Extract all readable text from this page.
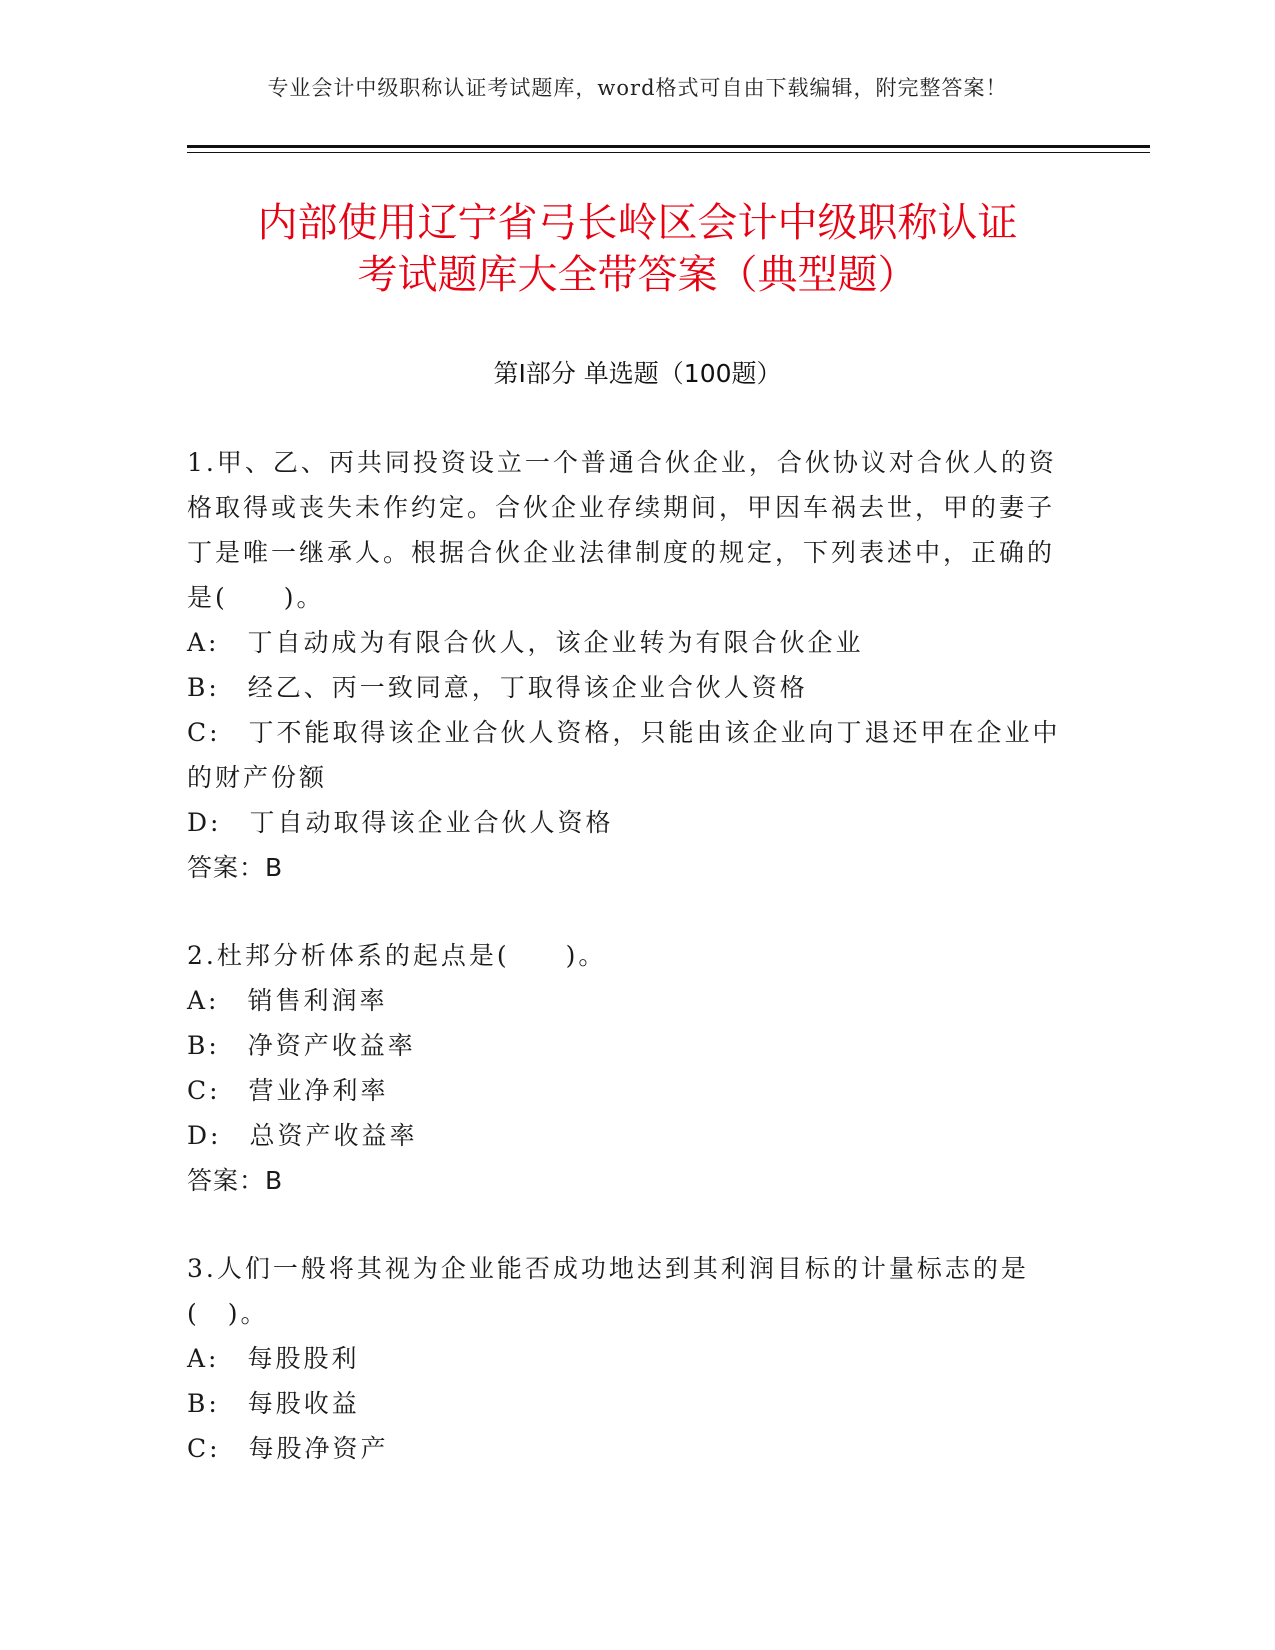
专业会计中级职称认证考试题库，word格式可自由下载编辑，附完整答案！
内部使用辽宁省弓长岭区会计中级职称认证
考试题库大全带答案（典型题）
第Ⅰ部分 单选题（100题）

1.甲、乙、丙共同投资设立一个普通合伙企业，合伙协议对合伙人的资格取得或丧失未作约定。合伙企业存续期间，甲因车祸去世，甲的妻子丁是唯一继承人。根据合伙企业法律制度的规定，下列表述中，正确的是(　　)。

A:　丁自动成为有限合伙人，该企业转为有限合伙企业

B:　经乙、丙一致同意，丁取得该企业合伙人资格

C:　丁不能取得该企业合伙人资格，只能由该企业向丁退还甲在企业中的财产份额

D:　丁自动取得该企业合伙人资格

答案：B

2.杜邦分析体系的起点是(　　)。

A:　销售利润率

B:　净资产收益率

C:　营业净利率

D:　总资产收益率

答案：B

3.人们一般将其视为企业能否成功地达到其利润目标的计量标志的是(　)。

A:　每股股利

B:　每股收益

C:　每股净资产
